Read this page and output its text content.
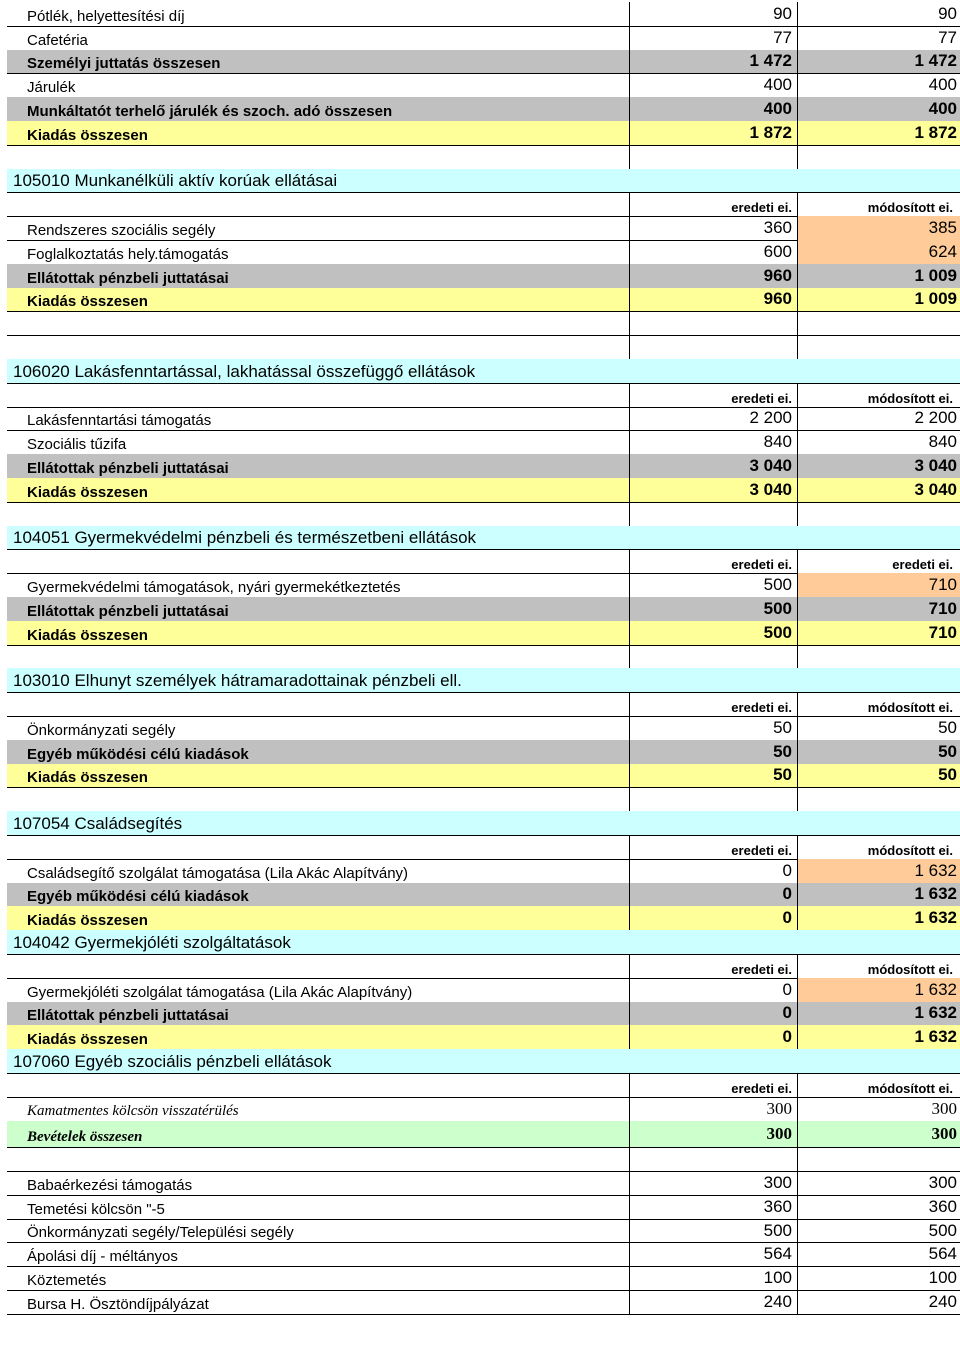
Pótlék, helyettesítési díj	90	90
Cafetéria	77	77
Személyi juttatás összesen	1 472	1 472
Járulék	400	400
Munkáltatót terhelő járulék és szoch. adó összesen	400	400
Kiadás összesen	1 872	1 872
105010 Munkanélküli aktív korúak ellátásai
eredeti ei.	módosított ei.
Rendszeres szociális segély	360	385
Foglalkoztatás hely.támogatás	600	624
Ellátottak pénzbeli juttatásai	960	1 009
Kiadás összesen	960	1 009
106020 Lakásfenntartással, lakhatással összefüggő ellátások
eredeti ei.	módosított ei.
Lakásfenntartási támogatás	2 200	2 200
Szociális tűzifa	840	840
Ellátottak pénzbeli juttatásai	3 040	3 040
Kiadás összesen	3 040	3 040
104051 Gyermekvédelmi pénzbeli és természetbeni ellátások
eredeti ei.	eredeti ei.
Gyermekvédelmi támogatások, nyári gyermekétkeztetés	500	710
Ellátottak pénzbeli juttatásai	500	710
Kiadás összesen	500	710
103010 Elhunyt személyek hátramaradottainak pénzbeli ell.
eredeti ei.	módosított ei.
Önkormányzati segély	50	50
Egyéb működési célú kiadások	50	50
Kiadás összesen	50	50
107054 Családsegítés
eredeti ei.	módosított ei.
Családsegítő szolgálat támogatása (Lila Akác Alapítvány)	0	1 632
Egyéb működési célú kiadások	0	1 632
Kiadás összesen	0	1 632
104042 Gyermekjóléti szolgáltatások
eredeti ei.	módosított ei.
Gyermekjóléti szolgálat támogatása (Lila Akác Alapítvány)	0	1 632
Ellátottak pénzbeli juttatásai	0	1 632
Kiadás összesen	0	1 632
107060 Egyéb szociális pénzbeli ellátások
eredeti ei.	módosított ei.
Kamatmentes kölcsön visszatérülés	300	300
Bevételek összesen	300	300
Babaérkezési támogatás	300	300
Temetési kölcsön "-5	360	360
Önkormányzati segély/Települési segély	500	500
Ápolási díj - méltányos	564	564
Köztemetés	100	100
Bursa H. Ösztöndíjpályázat	240	240
